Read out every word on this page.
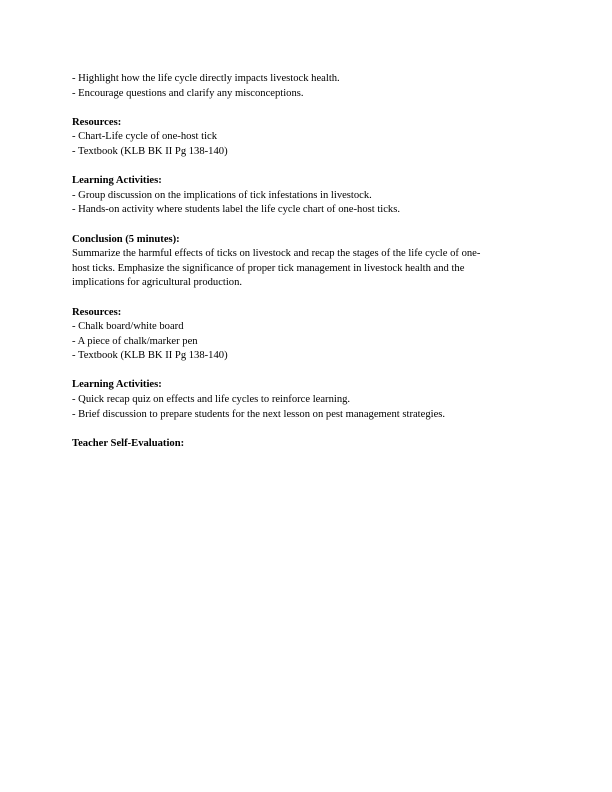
- Highlight how the life cycle directly impacts livestock health.
- Encourage questions and clarify any misconceptions.
Resources:
- Chart-Life cycle of one-host tick
- Textbook (KLB BK II Pg 138-140)
Learning Activities:
- Group discussion on the implications of tick infestations in livestock.
- Hands-on activity where students label the life cycle chart of one-host ticks.
Conclusion (5 minutes):
Summarize the harmful effects of ticks on livestock and recap the stages of the life cycle of one-
host ticks. Emphasize the significance of proper tick management in livestock health and the
implications for agricultural production.
Resources:
- Chalk board/white board
- A piece of chalk/marker pen
- Textbook (KLB BK II Pg 138-140)
Learning Activities:
- Quick recap quiz on effects and life cycles to reinforce learning.
- Brief discussion to prepare students for the next lesson on pest management strategies.
Teacher Self-Evaluation:
